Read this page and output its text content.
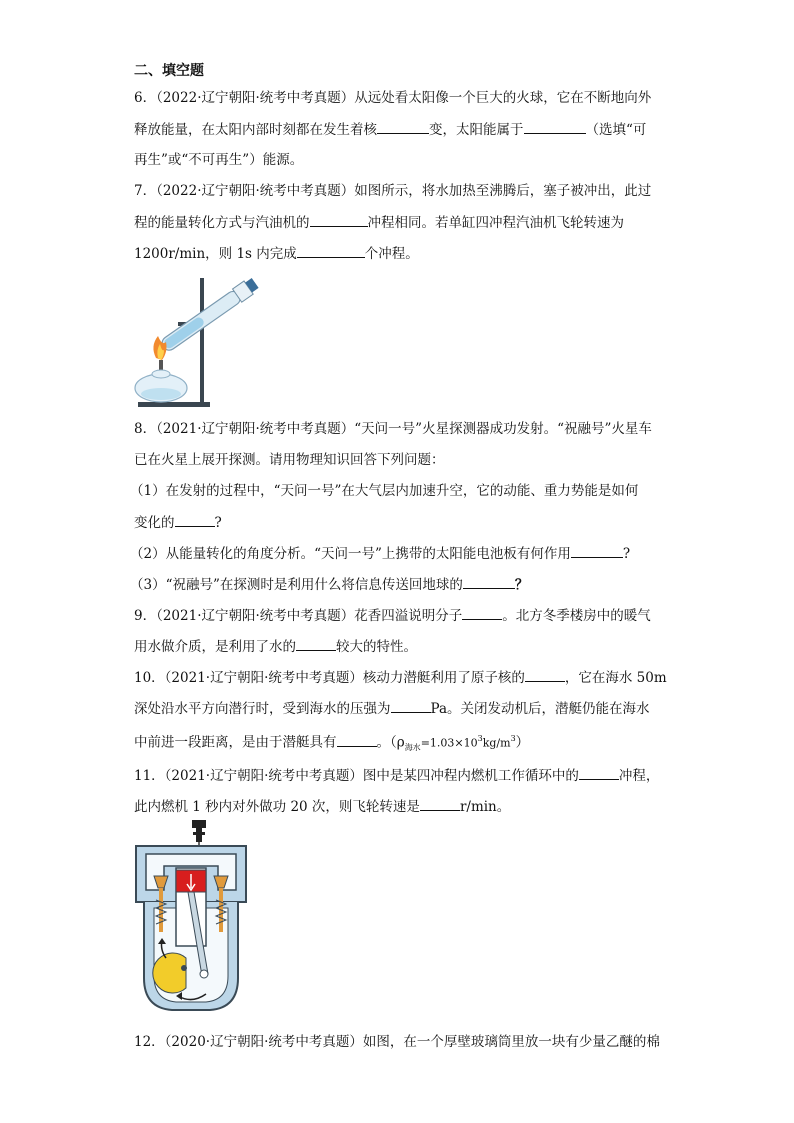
二、填空题
6．（2022·辽宁朝阳·统考中考真题）从远处看太阳像一个巨大的火球，它在不断地向外
释放能量，在太阳内部时刻都在发生着核	变，太阳能属于	（选填“可
再生”或“不可再生”）能源。
7．（2022·辽宁朝阳·统考中考真题）如图所示，将水加热至沸腾后，塞子被冲出，此过
程的能量转化方式与汽油机的	冲程相同。若单缸四冲程汽油机飞轮转速为
1200r/min，则 1s 内完成	个冲程。
8．（2021·辽宁朝阳·统考中考真题）“天问一号”火星探测器成功发射。“祝融号”火星车
已在火星上展开探测。请用物理知识回答下列问题：
（1）在发射的过程中，“天问一号”在大气层内加速升空，它的动能、重力势能是如何
变化的	?
（2）从能量转化的角度分析。“天问一号”上携带的太阳能电池板有何作用	?
（3）“祝融号”在探测时是利用什么将信息传送回地球的	？
9．（2021·辽宁朝阳·统考中考真题）花香四溢说明分子	。北方冬季楼房中的暖气
用水做介质，是利用了水的	较大的特性。
10．（2021·辽宁朝阳·统考中考真题）核动力潜艇利用了原子核的	，它在海水 50m
深处沿水平方向潜行时，受到海水的压强为	Pa。关闭发动机后，潜艇仍能在海水
中前进一段距离，是由于潜艇具有	。$(\rho_{海水}=1.03\times 10^3kg/m^3)$
11．（2021·辽宁朝阳·统考中考真题）图中是某四冲程内燃机工作循环中的	冲程，
此内燃机 1 秒内对外做功 20 次，则飞轮转速是	r/min。
12．（2020·辽宁朝阳·统考中考真题）如图，在一个厚壁玻璃筒里放一块有少量乙醚的棉
